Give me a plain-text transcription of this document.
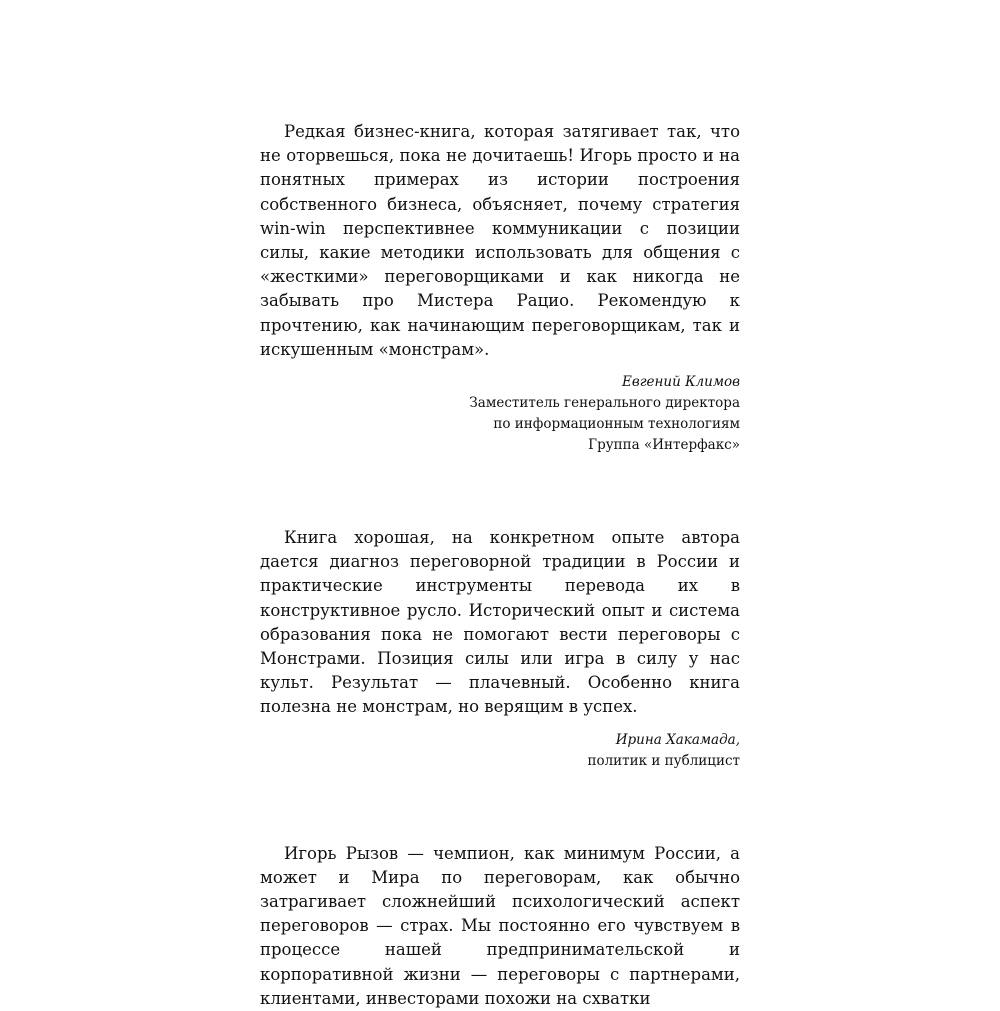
Редкая бизнес-книга, которая затягивает так, что не оторвешься, пока не дочитаешь! Игорь просто и на понятных примерах из истории построения собственного бизнеса, объясняет, почему стратегия win-win перспективнее коммуникации с позиции силы, какие методики использовать для общения с «жесткими» переговорщиками и как никогда не забывать про Мистера Рацио. Рекомендую к прочтению, как начинающим переговорщикам, так и искушенным «монстрам».

Евгений Климов
Заместитель генерального директора
по информационным технологиям
Группа «Интерфакс»

Книга хорошая, на конкретном опыте автора дается диагноз переговорной традиции в России и практические инструменты перевода их в конструктивное русло. Исторический опыт и система образования пока не помогают вести переговоры с Монстрами. Позиция силы или игра в силу у нас культ. Результат — плачевный. Особенно книга полезна не монстрам, но верящим в успех.

Ирина Хакамада,
политик и публицист

Игорь Рызов — чемпион, как минимум России, а может и Мира по переговорам, как обычно затрагивает сложнейший психологический аспект переговоров — страх. Мы постоянно его чувствуем в процессе нашей предпринимательской и корпоративной жизни — переговоры с партнерами, клиентами, инвесторами похожи на схватки
